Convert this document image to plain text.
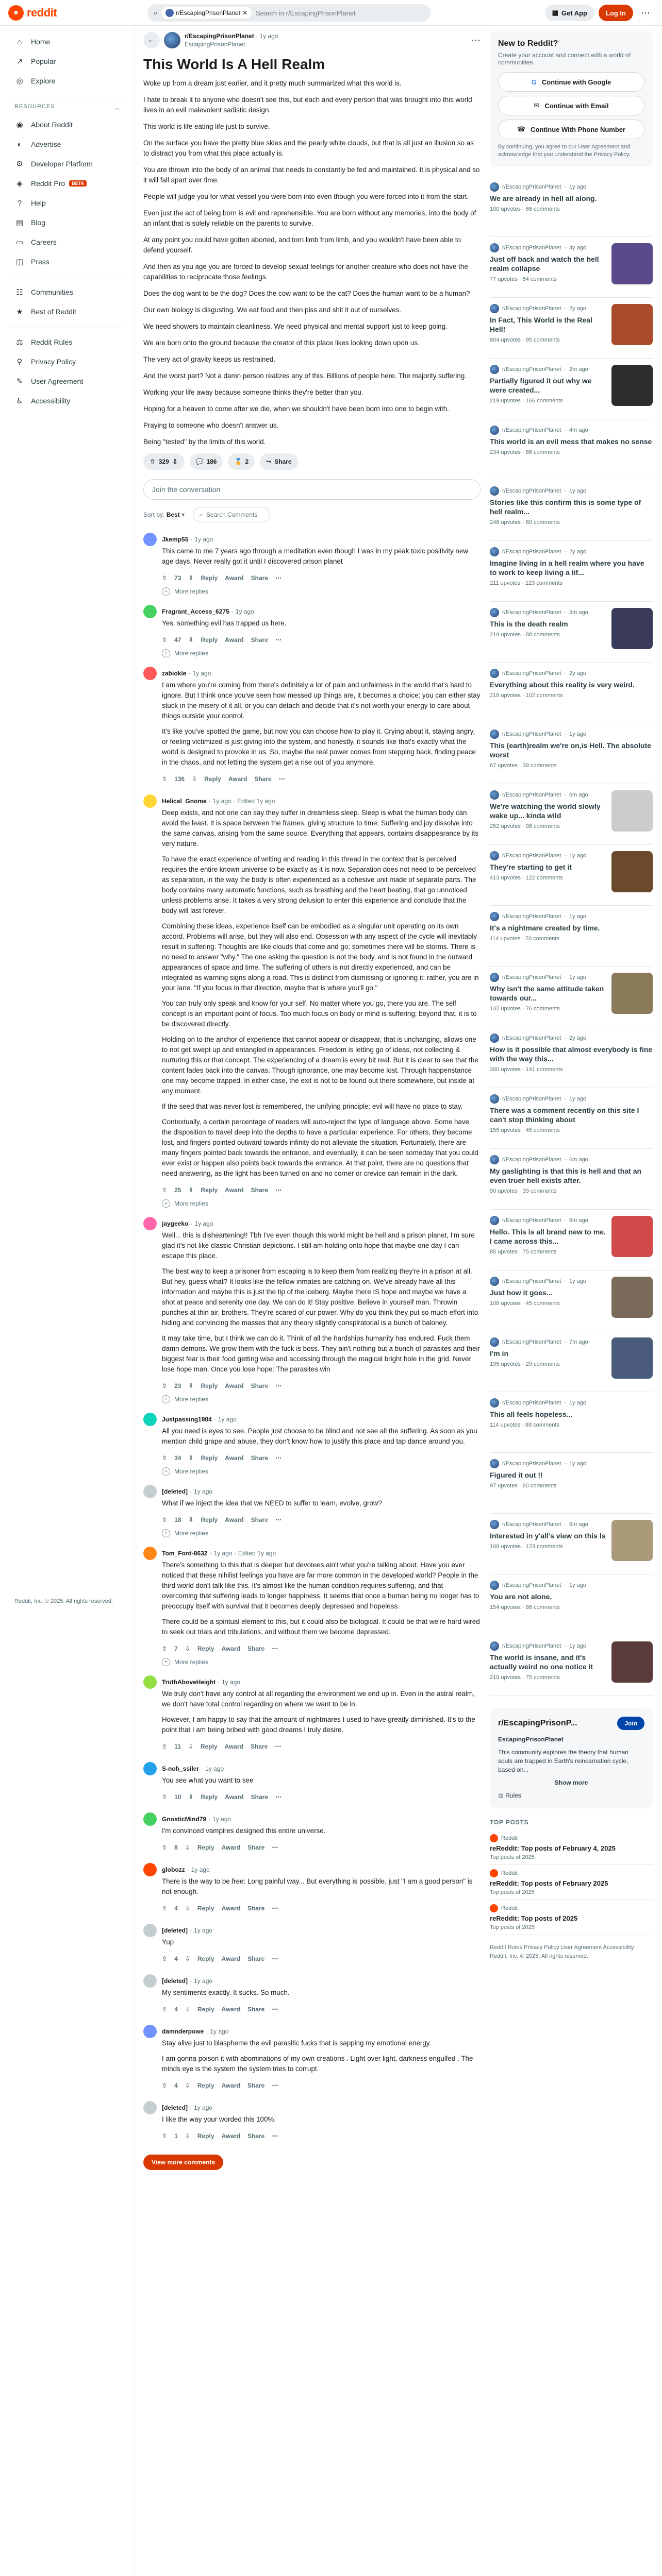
● reddit	⌕	r/EscapingPrisonPlanet ✕
Search in r/EscapingPrisonPlanet	▦ Get App	Log In	⋯
⌂	Home
↗ Popular
◎ Explore
RESOURCES	︿
◉ About Reddit
◐	Advertise
⚙ Developer Platform
◈	Reddit Pro	BETA
?	Help
▤ Blog
▭ Careers
◫ Press
☷ Communities
★ Best of Reddit
⚖ Reddit Rules
⚲	Privacy Policy
✎ User Agreement
♿ Accessibility
Reddit, Inc. © 2025. All rights reserved.
←	r/EscapingPrisonPlanet · 1y ago
EscapingPrisonPlanet	⋯
This World Is A Hell Realm

Woke up from a dream just earlier, and it pretty much summarized what this world is.

I hate to break it to anyone who doesn't see this, but each and every person that was brought into this world lives in an evil malevolent sadistic design.

This world is life eating life just to survive.

On the surface you have the pretty blue skies and the pearly white clouds, but that is all just an illusion so as to distract you from what this place actually is.

You are thrown into the body of an animal that needs to constantly be fed and maintained. It is physical and so it will fall apart over time.

People will judge you for what vessel you were born into even though you were forced into it from the start.

Even just the act of being born is evil and reprehensible. You are born without any memories, into the body of an infant that is solely reliable on the parents to survive.

At any point you could have gotten aborted, and torn limb from limb, and you wouldn't have been able to defend yourself.

And then as you age you are forced to develop sexual feelings for another creature who does not have the capabilities to reciprocate those feelings.

Does the dog want to be the dog? Does the cow want to be the cat? Does the human want to be a human?

Our own biology is disgusting. We eat food and then piss and shit it out of ourselves.

We need showers to maintain cleanliness. We need physical and mental support just to keep going.

We are born onto the ground because the creator of this place likes looking down upon us.

The very act of gravity keeps us restrained.

And the worst part? Not a damn person realizes any of this. Billions of people here. The majority suffering.

Working your life away because someone thinks they're better than you.

Hoping for a heaven to come after we die, when we shouldn't have been born into one to begin with.

Praying to someone who doesn't answer us.

Being "tested" by the limits of this world.

⇧ 329 ⇩	💬 186	🏅 2	↪ Share
Join the conversation
Sort by: Best ▾ ⌕ Search Comments
Jkemp55 · 1y ago

This came to me 7 years ago through a meditation even though I was in my peak toxic positivity new age days. Never really got it until I discovered prison planet

⇧ 73 ⇩ Reply Award Share ⋯
+	More replies
Fragrant_Access_6275 · 1y ago

Yes, something evil has trapped us here.

⇧ 47 ⇩ Reply Award Share ⋯
+	More replies
zabiokle · 1y ago

I am where you're coming from there's definitely a lot of pain and unfairness in the world that's hard to ignore. But I think once you've seen how messed up things are, it becomes a choice: you can either stay stuck in the misery of it all, or you can detach and decide that it's not worth your energy to care about things outside your control.

It's like you've spotted the game, but now you can choose how to play it. Crying about it, staying angry, or feeling victimized is just giving into the system, and honestly, it sounds like that's exactly what the world is designed to provoke in us. So, maybe the real power comes from stepping back, finding peace in the chaos, and not letting the system get a rise out of you anymore.

⇧ 136 ⇩ Reply Award Share ⋯
Helical_Gnome · 1y ago · Edited 1y ago

Deep exists, and not one can say they suffer in dreamless sleep. Sleep is what the human body can avoid the least. It is space between the frames, giving structure to time. Suffering and joy dissolve into the same canvas, arising from the same source. Everything that appears, contains disappearance by its very nature.

To have the exact experience of writing and reading in this thread in the context that is perceived requires the entire known universe to be exactly as it is now. Separation does not need to be perceived as separation, in the way the body is often experienced as a cohesive unit made of separate parts. The body contains many automatic functions, such as breathing and the heart beating, that go unnoticed unless problems arise. It takes a very strong delusion to enter this experience and conclude that the body will last forever.

Combining these ideas, experience itself can be embodied as a singular unit operating on its own accord. Problems will arise, but they will also end. Obsession with any aspect of the cycle will inevitably result in suffering. Thoughts are like clouds that come and go; sometimes there will be storms. There is no need to answer "why." The one asking the question is not the body, and is not found in the outward appearances of space and time. The suffering of others is not directly experienced, and can be integrated as warning signs along a road. This is distinct from dismissing or ignoring it: rather, you are in your lane. "If you focus in that direction, maybe that is where you'll go."

You can truly only speak and know for your self. No matter where you go, there you are. The self concept is an important point of focus. Too much focus on body or mind is suffering; beyond that, it is to be discovered directly.

Holding on to the anchor of experience that cannot appear or disappear, that is unchanging, allows one to not get swept up and entangled in appearances. Freedom is letting go of ideas, not collecting & nurturing this or that concept. The experiencing of a dream is every bit real. But it is clear to see that the content fades back into the canvas. Though ignorance, one may become lost. Through happenstance one may become trapped. In either case, the exit is not to be found out there somewhere, but inside at any moment.

If the seed that was never lost is remembered, the unifying principle: evil will have no place to stay.

Contextually, a certain percentage of readers will auto-reject the type of language above. Some have the disposition to travel deep into the depths to have a particular experience. For others, they become lost, and fingers pointed outward towards infinity do not alleviate the situation. Fortunately, there are many fingers pointed back towards the entrance, and eventually, it can be seen someday that you could ever exist or happen also points back towards the entrance. At that point, there are no questions that need answering, as the light has been turned on and no corner or crevice can remain in the dark.

⇧ 25 ⇩ Reply Award Share ⋯
+	More replies
jaygeeko · 1y ago

Well... this is disheartening!! Tbh I've even though this world might be hell and a prison planet, I'm sure glad it's not like classic Christian depictions. I still am holding onto hope that maybe one day I can escape this place.

The best way to keep a prisoner from escaping is to keep them from realizing they're in a prison at all. But hey, guess what? It looks like the fellow inmates are catching on. We've already have all this information and maybe this is just the tip of the iceberg. Maybe there IS hope and maybe we have a shot at peace and serenity one day. We can do it! Stay positive. Believe in yourself man. Throwin punches at thin air, brothers. They're scared of our power. Why do you think they put so much effort into hiding and convincing the masses that any theory slightly conspiratorial is a bunch of baloney.

It may take time, but I think we can do it. Think of all the hardships humanity has endured. Fuck them damn demons. We grow them with the fuck is boss. They ain't nothing but a bunch of parasites and their biggest fear is their food getting wise and accessing through the magical bright hole in the grid. Never lose hope man. Once you lose hope: The parasites win

⇧ 23 ⇩ Reply Award Share ⋯
+	More replies
Justpassing1984 · 1y ago

All you need is eyes to see. People just choose to be blind and not see all the suffering. As soon as you mention child grape and abuse, they don't know how to justify this place and tap dance around you.

⇧ 34 ⇩ Reply Award Share ⋯
+	More replies
[deleted] · 1y ago

What if we inject the idea that we NEED to suffer to learn, evolve, grow?

⇧ 18 ⇩ Reply Award Share ⋯
+	More replies
Tom_Ford-8632 · 1y ago · Edited 1y ago

There's something to this that is deeper but devotees ain't what you're talking about. Have you ever noticed that these nihilist feelings you have are far more common in the developed world? People in the third world don't talk like this. It's almost like the human condition requires suffering, and that overcoming that suffering leads to longer happiness. It seems that once a human being no longer has to preoccupy itself with survival that it becomes deeply depressed and hopeless.

There could be a spiritual element to this, but it could also be biological. It could be that we're hard wired to seek out trials and tribulations, and without them we become depressed.

⇧ 7 ⇩ Reply Award Share ⋯
+	More replies
TruthAboveHeight · 1y ago

We truly don't have any control at all regarding the environment we end up in. Even in the astral realm, we don't have total control regarding on where we want to be in.

However, I am happy to say that the amount of nightmares I used to have greatly diminished. It's to the point that I am being bribed with good dreams I truly desire.

⇧ 11 ⇩ Reply Award Share ⋯
S-noh_ssiler · 1y ago

You see what you want to see

⇧ 10 ⇩ Reply Award Share ⋯
GnosticMind79 · 1y ago

I'm convinced vampires designed this entire universe.

⇧ 8 ⇩ Reply Award Share ⋯
globozz · 1y ago

There is the way to be free: Long painful way... But everything is possible, just "I am a good person" is not enough.

⇧ 4 ⇩ Reply Award Share ⋯
[deleted] · 1y ago

Yup

⇧ 4 ⇩ Reply Award Share ⋯
[deleted] · 1y ago

My sentiments exactly. It sucks. So much.

⇧ 4 ⇩ Reply Award Share ⋯
damnderpowe · 1y ago

Stay alive just to blaspheme the evil parasitic fucks that is sapping my emotional energy.

I am gonna poison it with abominations of my own creations . Light over light, darkness engulfed . The minds eye is the system the system tries to corrupt.

⇧ 4 ⇩ Reply Award Share ⋯
[deleted] · 1y ago

I like the way your worded this 100%.

⇧ 1 ⇩ Reply Award Share ⋯
View more comments
New to Reddit?
Create your account and connect with a world of communities.
G Continue with Google
✉ Continue with Email
☎ Continue With Phone Number
By continuing, you agree to our User Agreement and acknowledge that you understand the Privacy Policy.
r/EscapingPrisonPlanet · 1y ago
We are already in hell all along.
100 upvotes · 66 comments
r/EscapingPrisonPlanet · 4y ago
Just off back and watch the hell realm collapse
77 upvotes · 84 comments
r/EscapingPrisonPlanet · 2y ago
In Fact, This World is the Real Hell!
604 upvotes · 95 comments
r/EscapingPrisonPlanet · 2m ago
Partially figured it out why we were created...
219 upvotes · 166 comments
r/EscapingPrisonPlanet · 4m ago
This world is an evil mess that makes no sense
234 upvotes · 86 comments
r/EscapingPrisonPlanet · 1y ago
Stories like this confirm this is some type of hell realm...
246 upvotes · 80 comments
r/EscapingPrisonPlanet · 2y ago
Imagine living in a hell realm where you have to work to keep living a lif...
211 upvotes · 123 comments
r/EscapingPrisonPlanet · 3m ago
This is the death realm
219 upvotes · 88 comments
r/EscapingPrisonPlanet · 2y ago
Everything about this reality is very weird.
218 upvotes · 102 comments
r/EscapingPrisonPlanet · 1y ago
This (earth)realm we're on,is Hell. The absolute worst
67 upvotes · 39 comments
r/EscapingPrisonPlanet · 6m ago
We're watching the world slowly wake up... kinda wild
252 upvotes · 98 comments
r/EscapingPrisonPlanet · 1y ago
They're starting to get it
413 upvotes · 122 comments
r/EscapingPrisonPlanet · 1y ago
It's a nightmare created by time.
114 upvotes · 70 comments
r/EscapingPrisonPlanet · 1y ago
Why isn't the same attitude taken towards our...
132 upvotes · 76 comments
r/EscapingPrisonPlanet · 2y ago
How is it possible that almost everybody is fine with the way this...
300 upvotes · 141 comments
r/EscapingPrisonPlanet · 1y ago
There was a comment recently on this site I can't stop thinking about
155 upvotes · 45 comments
r/EscapingPrisonPlanet · 6m ago
My gaslighting is that this is hell and that an even truer hell exists after.
90 upvotes · 39 comments
r/EscapingPrisonPlanet · 8m ago
Hello. This is all brand new to me. I came across this...
85 upvotes · 75 comments
r/EscapingPrisonPlanet · 1y ago
Just how it goes...
108 upvotes · 45 comments
r/EscapingPrisonPlanet · 7m ago
I'm in
195 upvotes · 29 comments
r/EscapingPrisonPlanet · 1y ago
This all feels hopeless...
114 upvotes · 88 comments
r/EscapingPrisonPlanet · 1y ago
Figured it out !!
97 upvotes · 80 comments
r/EscapingPrisonPlanet · 6m ago
Interested in y'all's view on this ls
109 upvotes · 123 comments
r/EscapingPrisonPlanet · 1y ago
You are not alone.
154 upvotes · 86 comments
r/EscapingPrisonPlanet · 1y ago
The world is insane, and it's actually weird no one notice it
219 upvotes · 75 comments
r/EscapingPrisonP...	Join
EscapingPrisonPlanet
This community explores the theory that human souls are trapped in Earth's reincarnation cycle, based on...
Show more
⚖ Rules
TOP POSTS
Reddit
reReddit: Top posts of February 4, 2025
Top posts of 2025
Reddit
reReddit: Top posts of February 2025
Top posts of 2025
Reddit
reReddit: Top posts of 2025
Top posts of 2025
Reddit Rules Privacy Policy User Agreement Accessibility Reddit, Inc. © 2025. All rights reserved.
